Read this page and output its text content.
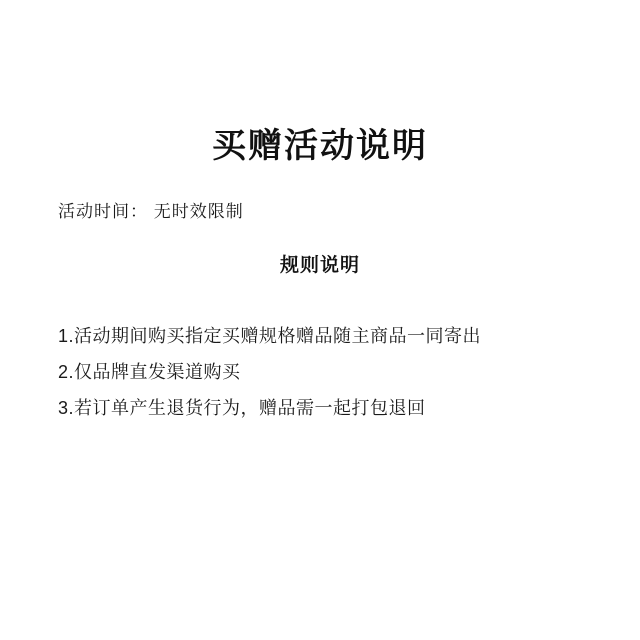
买赠活动说明
活动时间： 无时效限制
规则说明
1.活动期间购买指定买赠规格赠品随主商品一同寄出
2.仅品牌直发渠道购买
3.若订单产生退货行为，赠品需一起打包退回
